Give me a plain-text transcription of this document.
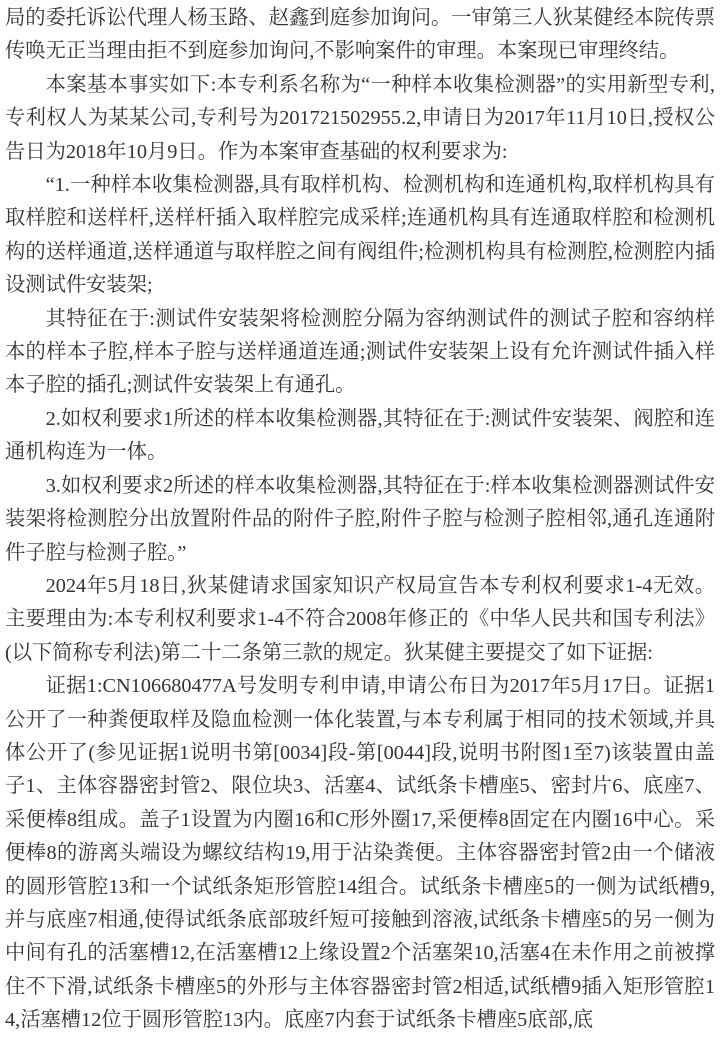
局的委托诉讼代理人杨玉路、赵鑫到庭参加询问。一审第三人狄某健经本院传票传唤无正当理由拒不到庭参加询问,不影响案件的审理。本案现已审理终结。

本案基本事实如下:本专利系名称为“一种样本收集检测器”的实用新型专利,专利权人为某某公司,专利号为201721502955.2,申请日为2017年11月10日,授权公告日为2018年10月9日。作为本案审查基础的权利要求为:

“1.一种样本收集检测器,具有取样机构、检测机构和连通机构,取样机构具有取样腔和送样杆,送样杆插入取样腔完成采样;连通机构具有连通取样腔和检测机构的送样通道,送样通道与取样腔之间有阀组件;检测机构具有检测腔,检测腔内插设测试件安装架;

其特征在于:测试件安装架将检测腔分隔为容纳测试件的测试子腔和容纳样本的样本子腔,样本子腔与送样通道连通;测试件安装架上设有允许测试件插入样本子腔的插孔;测试件安装架上有通孔。

2.如权利要求1所述的样本收集检测器,其特征在于:测试件安装架、阀腔和连通机构连为一体。

3.如权利要求2所述的样本收集检测器,其特征在于:样本收集检测器测试件安装架将检测腔分出放置附件品的附件子腔,附件子腔与检测子腔相邻,通孔连通附件子腔与检测子腔。”

2024年5月18日,狄某健请求国家知识产权局宣告本专利权利要求1-4无效。主要理由为:本专利权利要求1-4不符合2008年修正的《中华人民共和国专利法》(以下简称专利法)第二十二条第三款的规定。狄某健主要提交了如下证据:

证据1:CN106680477A号发明专利申请,申请公布日为2017年5月17日。证据1公开了一种粪便取样及隐血检测一体化装置,与本专利属于相同的技术领域,并具体公开了(参见证据1说明书第[0034]段-第[0044]段,说明书附图1至7)该装置由盖子1、主体容器密封管2、限位块3、活塞4、试纸条卡槽座5、密封片6、底座7、采便棒8组成。盖子1设置为内圈16和C形外圈17,采便棒8固定在内圈16中心。采便棒8的游离头端设为螺纹结构19,用于沾染粪便。主体容器密封管2由一个储液的圆形管腔13和一个试纸条矩形管腔14组合。试纸条卡槽座5的一侧为试纸槽9,并与底座7相通,使得试纸条底部玻纤短可接触到溶液,试纸条卡槽座5的另一侧为中间有孔的活塞槽12,在活塞槽12上缘设置2个活塞架10,活塞4在未作用之前被撑住不下滑,试纸条卡槽座5的外形与主体容器密封管2相适,试纸槽9插入矩形管腔14,活塞槽12位于圆形管腔13内。底座7内套于试纸条卡槽座5底部,底
